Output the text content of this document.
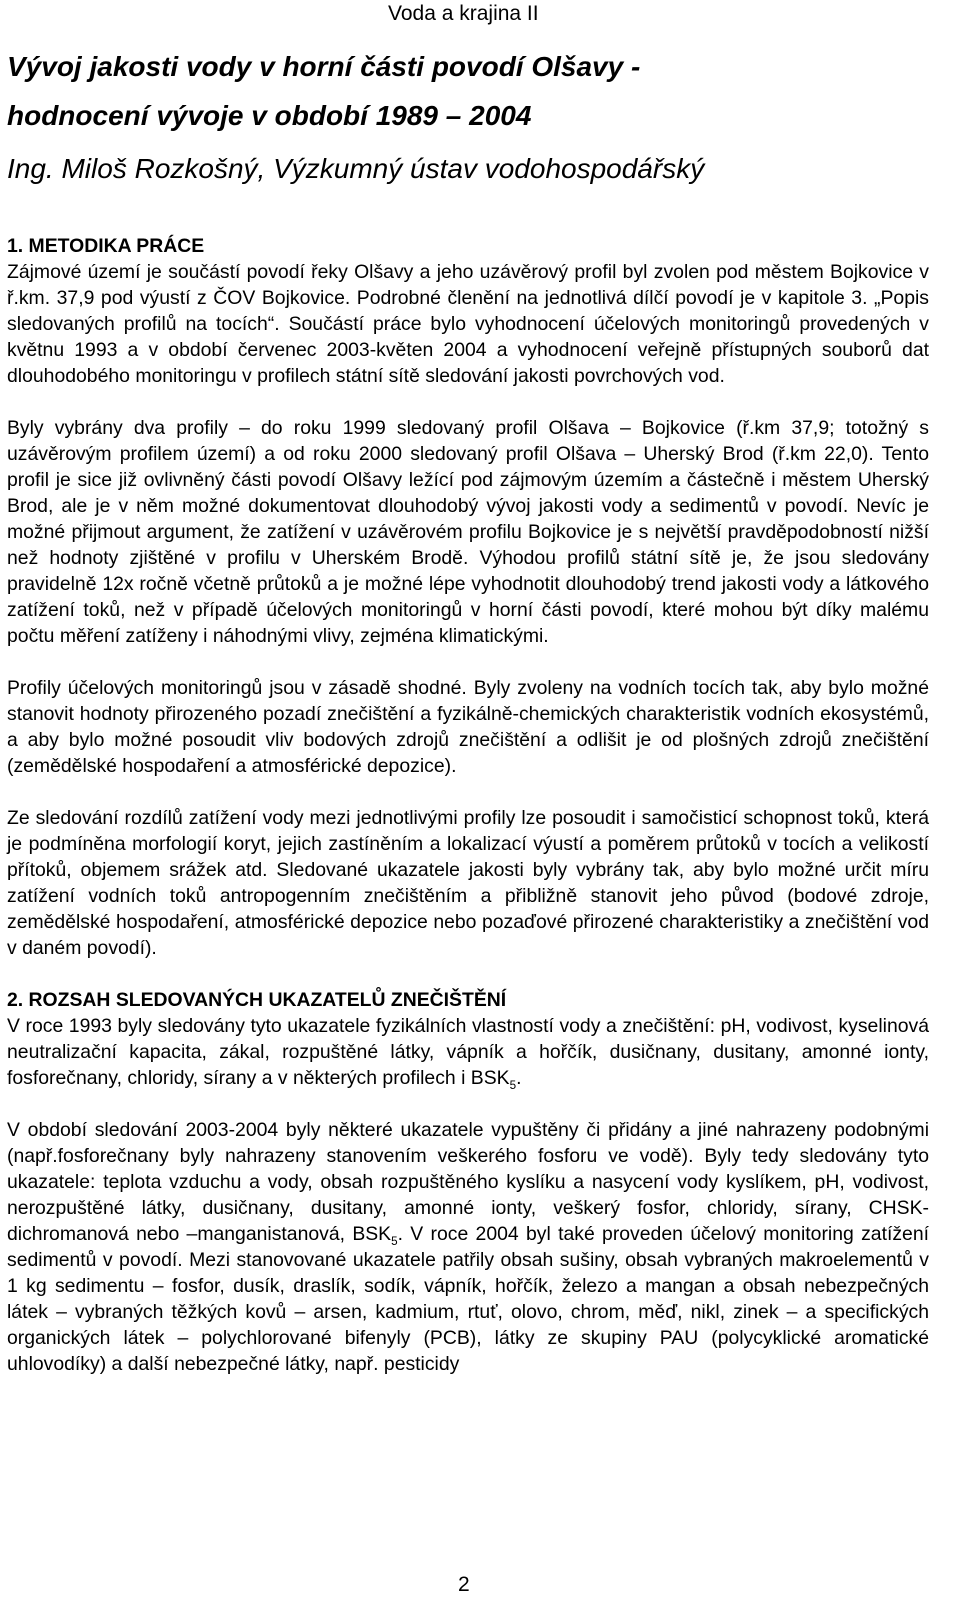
Voda a krajina II
Vývoj jakosti vody v horní části povodí Olšavy -
hodnocení vývoje v období 1989 – 2004

Ing. Miloš Rozkošný, Výzkumný ústav vodohospodářský

1. METODIKA PRÁCE

Zájmové území je součástí povodí řeky Olšavy a jeho uzávěrový profil byl zvolen pod městem Bojkovice v ř.km. 37,9 pod výustí z ČOV Bojkovice. Podrobné členění na jednotlivá dílčí povodí je v kapitole 3. „Popis sledovaných profilů na tocích“. Součástí práce bylo vyhodnocení účelových monitoringů provedených v květnu 1993 a v období červenec 2003-květen 2004 a vyhodnocení veřejně přístupných souborů dat dlouhodobého monitoringu v profilech státní sítě sledování jakosti povrchových vod.

Byly vybrány dva profily – do roku 1999 sledovaný profil Olšava – Bojkovice (ř.km 37,9; totožný s uzávěrovým profilem území) a od roku 2000 sledovaný profil Olšava – Uherský Brod (ř.km 22,0). Tento profil je sice již ovlivněný části povodí Olšavy ležící pod zájmovým územím a částečně i městem Uherský Brod, ale je v něm možné dokumentovat dlouhodobý vývoj jakosti vody a sedimentů v povodí. Nevíc je možné přijmout argument, že zatížení v uzávěrovém profilu Bojkovice je s největší pravděpodobností nižší než hodnoty zjištěné v profilu v Uherském Brodě. Výhodou profilů státní sítě je, že jsou sledovány pravidelně 12x ročně včetně průtoků a je možné lépe vyhodnotit dlouhodobý trend jakosti vody a látkového zatížení toků, než v případě účelových monitoringů v horní části povodí, které mohou být díky malému počtu měření zatíženy i náhodnými vlivy, zejména klimatickými.

Profily účelových monitoringů jsou v zásadě shodné. Byly zvoleny na vodních tocích tak, aby bylo možné stanovit hodnoty přirozeného pozadí znečištění a fyzikálně-chemických charakteristik vodních ekosystémů, a aby bylo možné posoudit vliv bodových zdrojů znečištění a odlišit je od plošných zdrojů znečištění (zemědělské hospodaření a atmosférické depozice).

Ze sledování rozdílů zatížení vody mezi jednotlivými profily lze posoudit i samočisticí schopnost toků, která je podmíněna morfologií koryt, jejich zastíněním a lokalizací výustí a poměrem průtoků v tocích a velikostí přítoků, objemem srážek atd. Sledované ukazatele jakosti byly vybrány tak, aby bylo možné určit míru zatížení vodních toků antropogenním znečištěním a přibližně stanovit jeho původ (bodové zdroje, zemědělské hospodaření, atmosférické depozice nebo pozaďové přirozené charakteristiky a znečištění vod v daném povodí).

2. ROZSAH SLEDOVANÝCH UKAZATELŮ ZNEČIŠTĚNÍ

V roce 1993 byly sledovány tyto ukazatele fyzikálních vlastností vody a znečištění: pH, vodivost, kyselinová neutralizační kapacita, zákal, rozpuštěné látky, vápník a hořčík, dusičnany, dusitany, amonné ionty, fosforečnany, chloridy, sírany a v některých profilech i $BSK_5$.

V období sledování 2003-2004 byly některé ukazatele vypuštěny či přidány a jiné nahrazeny podobnými (např.fosforečnany byly nahrazeny stanovením veškerého fosforu ve vodě). Byly tedy sledovány tyto ukazatele: teplota vzduchu a vody, obsah rozpuštěného kyslíku a nasycení vody kyslíkem, pH, vodivost, nerozpuštěné látky, dusičnany, dusitany, amonné ionty, veškerý fosfor, chloridy, sírany, CHSK-dichromanová nebo –manganistanová, $BSK_5$. V roce 2004 byl také proveden účelový monitoring zatížení sedimentů v povodí. Mezi stanovované ukazatele patřily obsah sušiny, obsah vybraných makroelementů v 1 kg sedimentu – fosfor, dusík, draslík, sodík, vápník, hořčík, železo a mangan a obsah nebezpečných látek – vybraných těžkých kovů – arsen, kadmium, rtuť, olovo, chrom, měď, nikl, zinek – a specifických organických látek – polychlorované bifenyly (PCB), látky ze skupiny PAU (polycyklické aromatické uhlovodíky) a další nebezpečné látky, např. pesticidy

2
